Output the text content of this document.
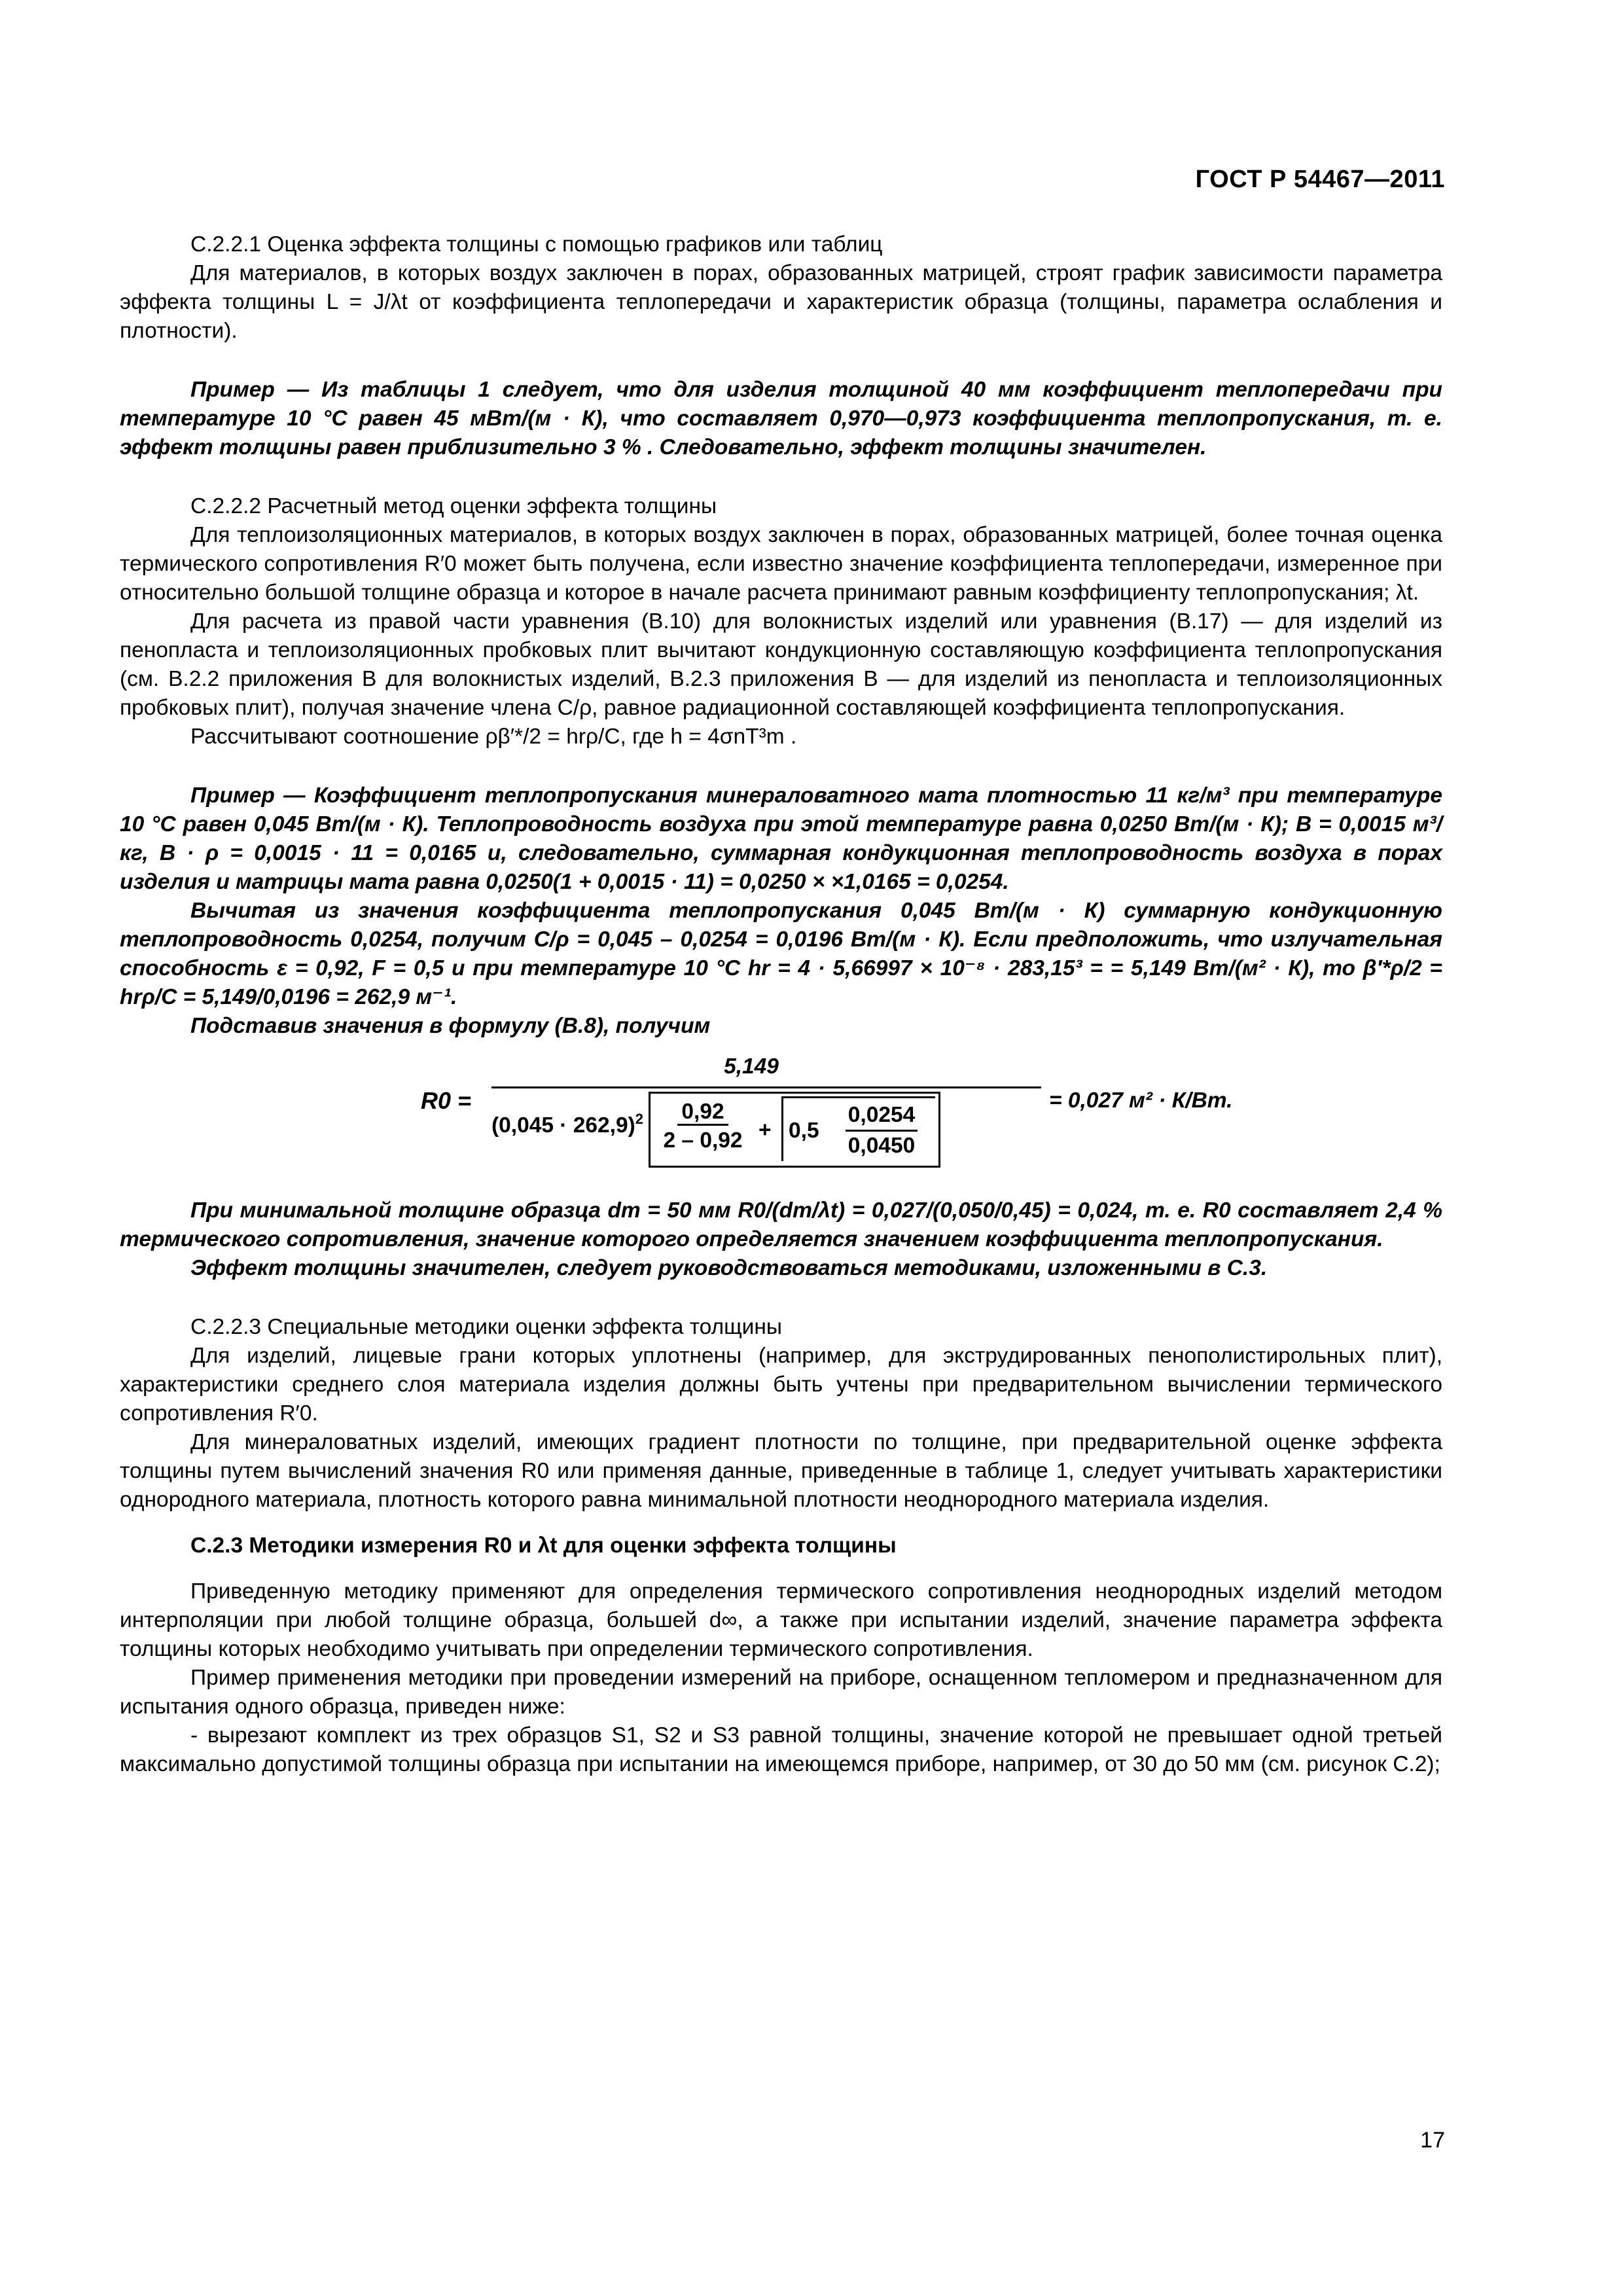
ГОСТ Р 54467—2011

С.2.2.1 Оценка эффекта толщины с помощью графиков или таблиц

Для материалов, в которых воздух заключен в порах, образованных матрицей, строят график зависимости параметра эффекта толщины L = J/λt от коэффициента теплопередачи и характеристик образца (толщины, параметра ослабления и плотности).

Пример — Из таблицы 1 следует, что для изделия толщиной 40 мм коэффициент теплопередачи при температуре 10 °С равен 45 мВт/(м · К), что составляет 0,970—0,973 коэффициента теплопропускания, т. е. эффект толщины равен приблизительно 3 % . Следовательно, эффект толщины значителен.

С.2.2.2 Расчетный метод оценки эффекта толщины

Для теплоизоляционных материалов, в которых воздух заключен в порах, образованных матрицей, более точная оценка термического сопротивления R′0 может быть получена, если известно значение коэффициента теплопередачи, измеренное при относительно большой толщине образца и которое в начале расчета принимают равным коэффициенту теплопропускания; λt.

Для расчета из правой части уравнения (В.10) для волокнистых изделий или уравнения (В.17) — для изделий из пенопласта и теплоизоляционных пробковых плит вычитают кондукционную составляющую коэффициента теплопропускания (см. В.2.2 приложения В для волокнистых изделий, В.2.3 приложения В — для изделий из пенопласта и теплоизоляционных пробковых плит), получая значение члена C/ρ, равное радиационной составляющей коэффициента теплопропускания.

Рассчитывают соотношение ρβ′*/2 = hrρ/C, где h = 4σnT³m .

Пример — Коэффициент теплопропускания минераловатного мата плотностью 11 кг/м³ при температуре 10 °С равен 0,045 Вт/(м · К). Теплопроводность воздуха при этой температуре равна 0,0250 Вт/(м · К); В = 0,0015 м³/кг, В · ρ = 0,0015 · 11 = 0,0165 и, следовательно, суммарная кондукционная теплопроводность воздуха в порах изделия и матрицы мата равна 0,0250(1 + 0,0015 · 11) = 0,0250 × ×1,0165 = 0,0254.

Вычитая из значения коэффициента теплопропускания 0,045 Вт/(м · К) суммарную кондукционную теплопроводность 0,0254, получим C/ρ = 0,045 – 0,0254 = 0,0196 Вт/(м · К). Если предположить, что излучательная способность ε = 0,92, F = 0,5 и при температуре 10 °С hr = 4 · 5,66997 × 10⁻⁸ · 283,15³ = = 5,149 Вт/(м² · К), то β′*ρ/2 = hrρ/C = 5,149/0,0196 = 262,9 м⁻¹.

Подставив значения в формулу (В.8), получим

R0 =
5,149
$(0,045 \cdot 262,9)^2 \frac{0,92}{2 - 0,92} + 0,5 \frac{0,0254}{0,0450}$
= 0,027 м² · К/Вт.

При минимальной толщине образца dm = 50 мм R0/(dm/λt) = 0,027/(0,050/0,45) = 0,024, т. е. R0 составляет 2,4 % термического сопротивления, значение которого определяется значением коэффициента теплопропускания.

Эффект толщины значителен, следует руководствоваться методиками, изложенными в С.3.

С.2.2.3 Специальные методики оценки эффекта толщины

Для изделий, лицевые грани которых уплотнены (например, для экструдированных пенополистирольных плит), характеристики среднего слоя материала изделия должны быть учтены при предварительном вычислении термического сопротивления R′0.

Для минераловатных изделий, имеющих градиент плотности по толщине, при предварительной оценке эффекта толщины путем вычислений значения R0 или применяя данные, приведенные в таблице 1, следует учитывать характеристики однородного материала, плотность которого равна минимальной плотности неоднородного материала изделия.

С.2.3 Методики измерения R0 и λt для оценки эффекта толщины

Приведенную методику применяют для определения термического сопротивления неоднородных изделий методом интерполяции при любой толщине образца, большей d∞, а также при испытании изделий, значение параметра эффекта толщины которых необходимо учитывать при определении термического сопротивления.

Пример применения методики при проведении измерений на приборе, оснащенном тепломером и предназначенном для испытания одного образца, приведен ниже:

- вырезают комплект из трех образцов S1, S2 и S3 равной толщины, значение которой не превышает одной третьей максимально допустимой толщины образца при испытании на имеющемся приборе, например, от 30 до 50 мм (см. рисунок С.2);

17
